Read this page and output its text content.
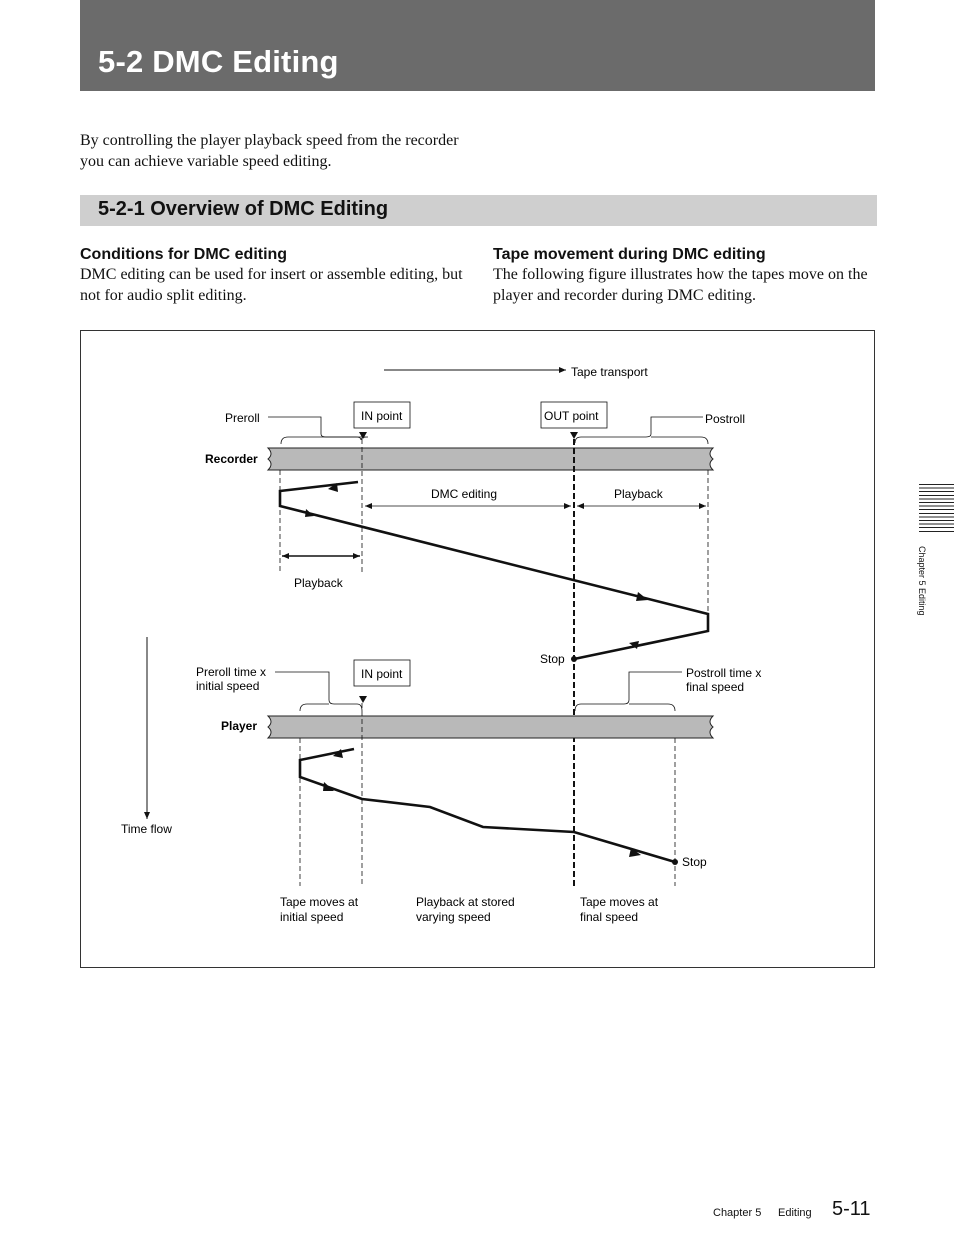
5-2 DMC Editing

By controlling the player playback speed from the recorder you can achieve variable speed editing.

5-2-1 Overview of DMC Editing
Conditions for DMC editing

DMC editing can be used for insert or assemble editing, but not for audio split editing.

Tape movement during DMC editing

The following figure illustrates how the tapes move on the player and recorder during DMC editing.

Tape transport
Preroll	IN point	OUT point	Postroll
Recorder
DMC editing	Playback
Stop
Playback
Time flow
Preroll time x
initial speed
IN point	Postroll time x
final speed
Player
Stop
Tape moves at
initial speed
Playback at stored
varying speed
Tape moves at
final speed
Chapter 5 Editing
Chapter 5 Editing 5-11
